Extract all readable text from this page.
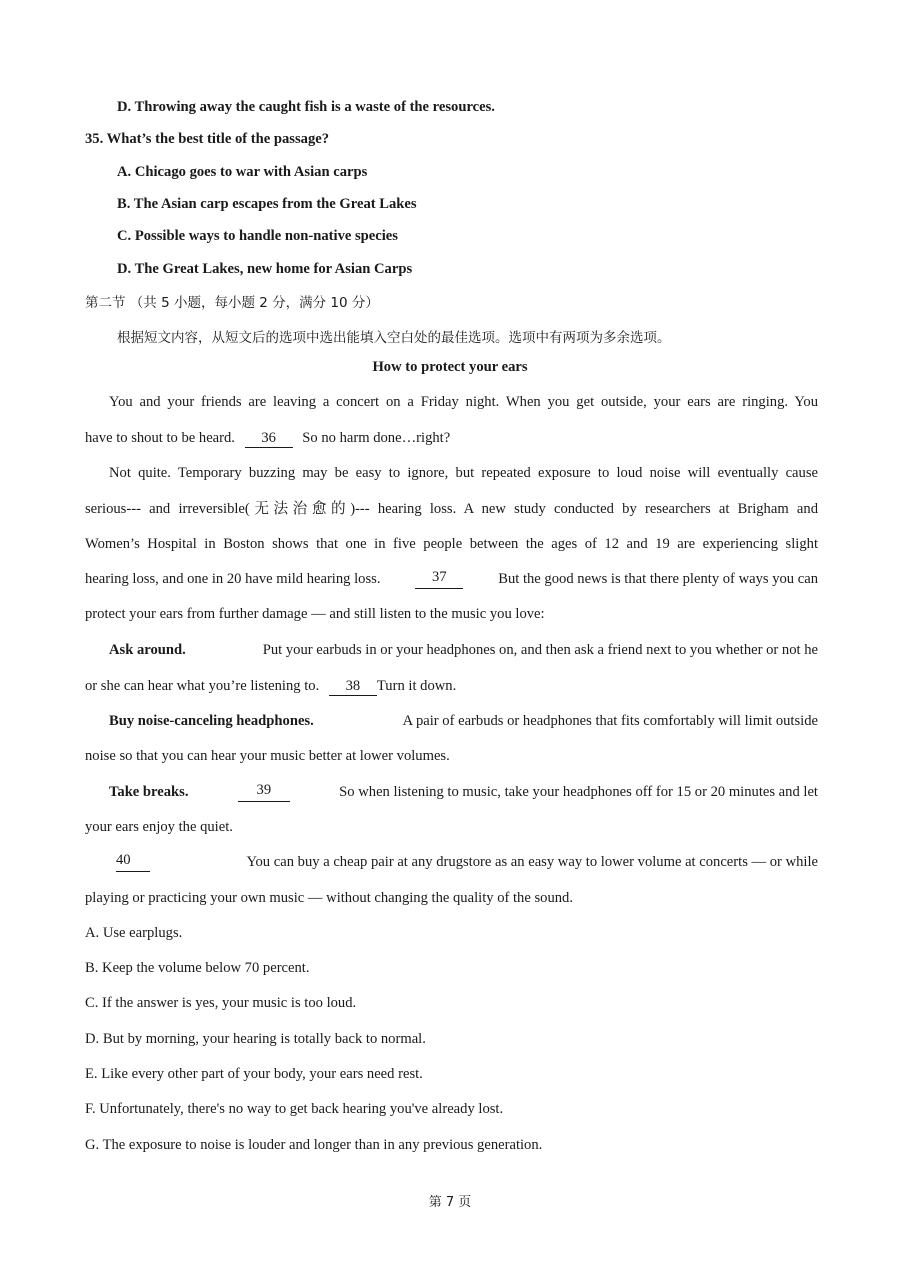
D. Throwing away the caught fish is a waste of the resources.
35. What’s the best title of the passage?
A. Chicago goes to war with Asian carps
B. The Asian carp escapes from the Great Lakes
C. Possible ways to handle non-native species
D. The Great Lakes, new home for Asian Carps
第二节 （共 5 小题，每小题 2 分，满分 10 分）
根据短文内容，从短文后的选项中选出能填入空白处的最佳选项。选项中有两项为多余选项。
How to protect your ears
You and your friends are leaving a concert on a Friday night. When you get outside, your ears are ringing. You
have to shout to be heard. 36 So no harm done…right?
Not quite. Temporary buzzing may be easy to ignore, but repeated exposure to loud noise will eventually cause
serious--- and irreversible(无法治愈的)--- hearing loss. A new study conducted by researchers at Brigham and
Women’s Hospital in Boston shows that one in five people between the ages of 12 and 19 are experiencing slight
hearing loss, and one in 20 have mild hearing loss.	37	But the good news is that there plenty of ways you can
protect your ears from further damage — and still listen to the music you love:
Ask around.	Put your earbuds in or your headphones on, and then ask a friend next to you whether or not he
or she can hear what you’re listening to. 38 Turn it down.
Buy noise-canceling headphones.	A pair of earbuds or headphones that fits comfortably will limit outside
noise so that you can hear your music better at lower volumes.
Take breaks.	39	So when listening to music, take your headphones off for 15 or 20 minutes and let
your ears enjoy the quiet.
40	You can buy a cheap pair at any drugstore as an easy way to lower volume at concerts — or while
playing or practicing your own music — without changing the quality of the sound.
A. Use earplugs.
B. Keep the volume below 70 percent.
C. If the answer is yes, your music is too loud.
D. But by morning, your hearing is totally back to normal.
E. Like every other part of your body, your ears need rest.
F. Unfortunately, there's no way to get back hearing you've already lost.
G. The exposure to noise is louder and longer than in any previous generation.
第 7 页
